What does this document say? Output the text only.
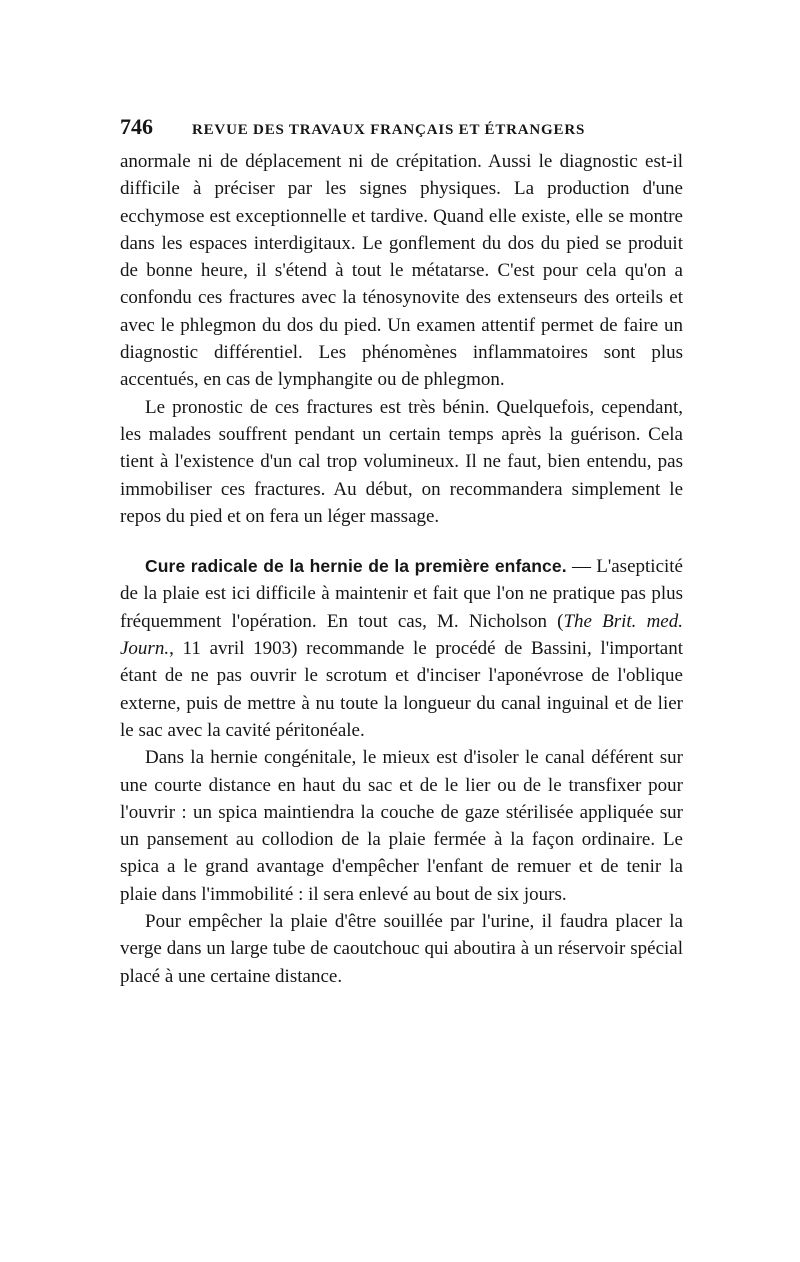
746	REVUE DES TRAVAUX FRANÇAIS ET ÉTRANGERS

anormale ni de déplacement ni de crépitation. Aussi le diagnostic est-il difficile à préciser par les signes physiques. La production d'une ecchymose est exceptionnelle et tardive. Quand elle existe, elle se montre dans les espaces interdigitaux. Le gonflement du dos du pied se produit de bonne heure, il s'étend à tout le métatarse. C'est pour cela qu'on a confondu ces fractures avec la ténosynovite des extenseurs des orteils et avec le phlegmon du dos du pied. Un examen attentif permet de faire un diagnostic différentiel. Les phénomènes inflammatoires sont plus accentués, en cas de lymphangite ou de phlegmon.

Le pronostic de ces fractures est très bénin. Quelquefois, cependant, les malades souffrent pendant un certain temps après la guérison. Cela tient à l'existence d'un cal trop volumineux. Il ne faut, bien entendu, pas immobiliser ces fractures. Au début, on recommandera simplement le repos du pied et on fera un léger massage.

Cure radicale de la hernie de la première enfance. — L'asepticité de la plaie est ici difficile à maintenir et fait que l'on ne pratique pas plus fréquemment l'opération. En tout cas, M. Nicholson (The Brit. med. Journ., 11 avril 1903) recommande le procédé de Bassini, l'important étant de ne pas ouvrir le scrotum et d'inciser l'aponévrose de l'oblique externe, puis de mettre à nu toute la longueur du canal inguinal et de lier le sac avec la cavité péritonéale.

Dans la hernie congénitale, le mieux est d'isoler le canal déférent sur une courte distance en haut du sac et de le lier ou de le transfixer pour l'ouvrir : un spica maintiendra la couche de gaze stérilisée appliquée sur un pansement au collodion de la plaie fermée à la façon ordinaire. Le spica a le grand avantage d'empêcher l'enfant de remuer et de tenir la plaie dans l'immobilité : il sera enlevé au bout de six jours.

Pour empêcher la plaie d'être souillée par l'urine, il faudra placer la verge dans un large tube de caoutchouc qui aboutira à un réservoir spécial placé à une certaine distance.
